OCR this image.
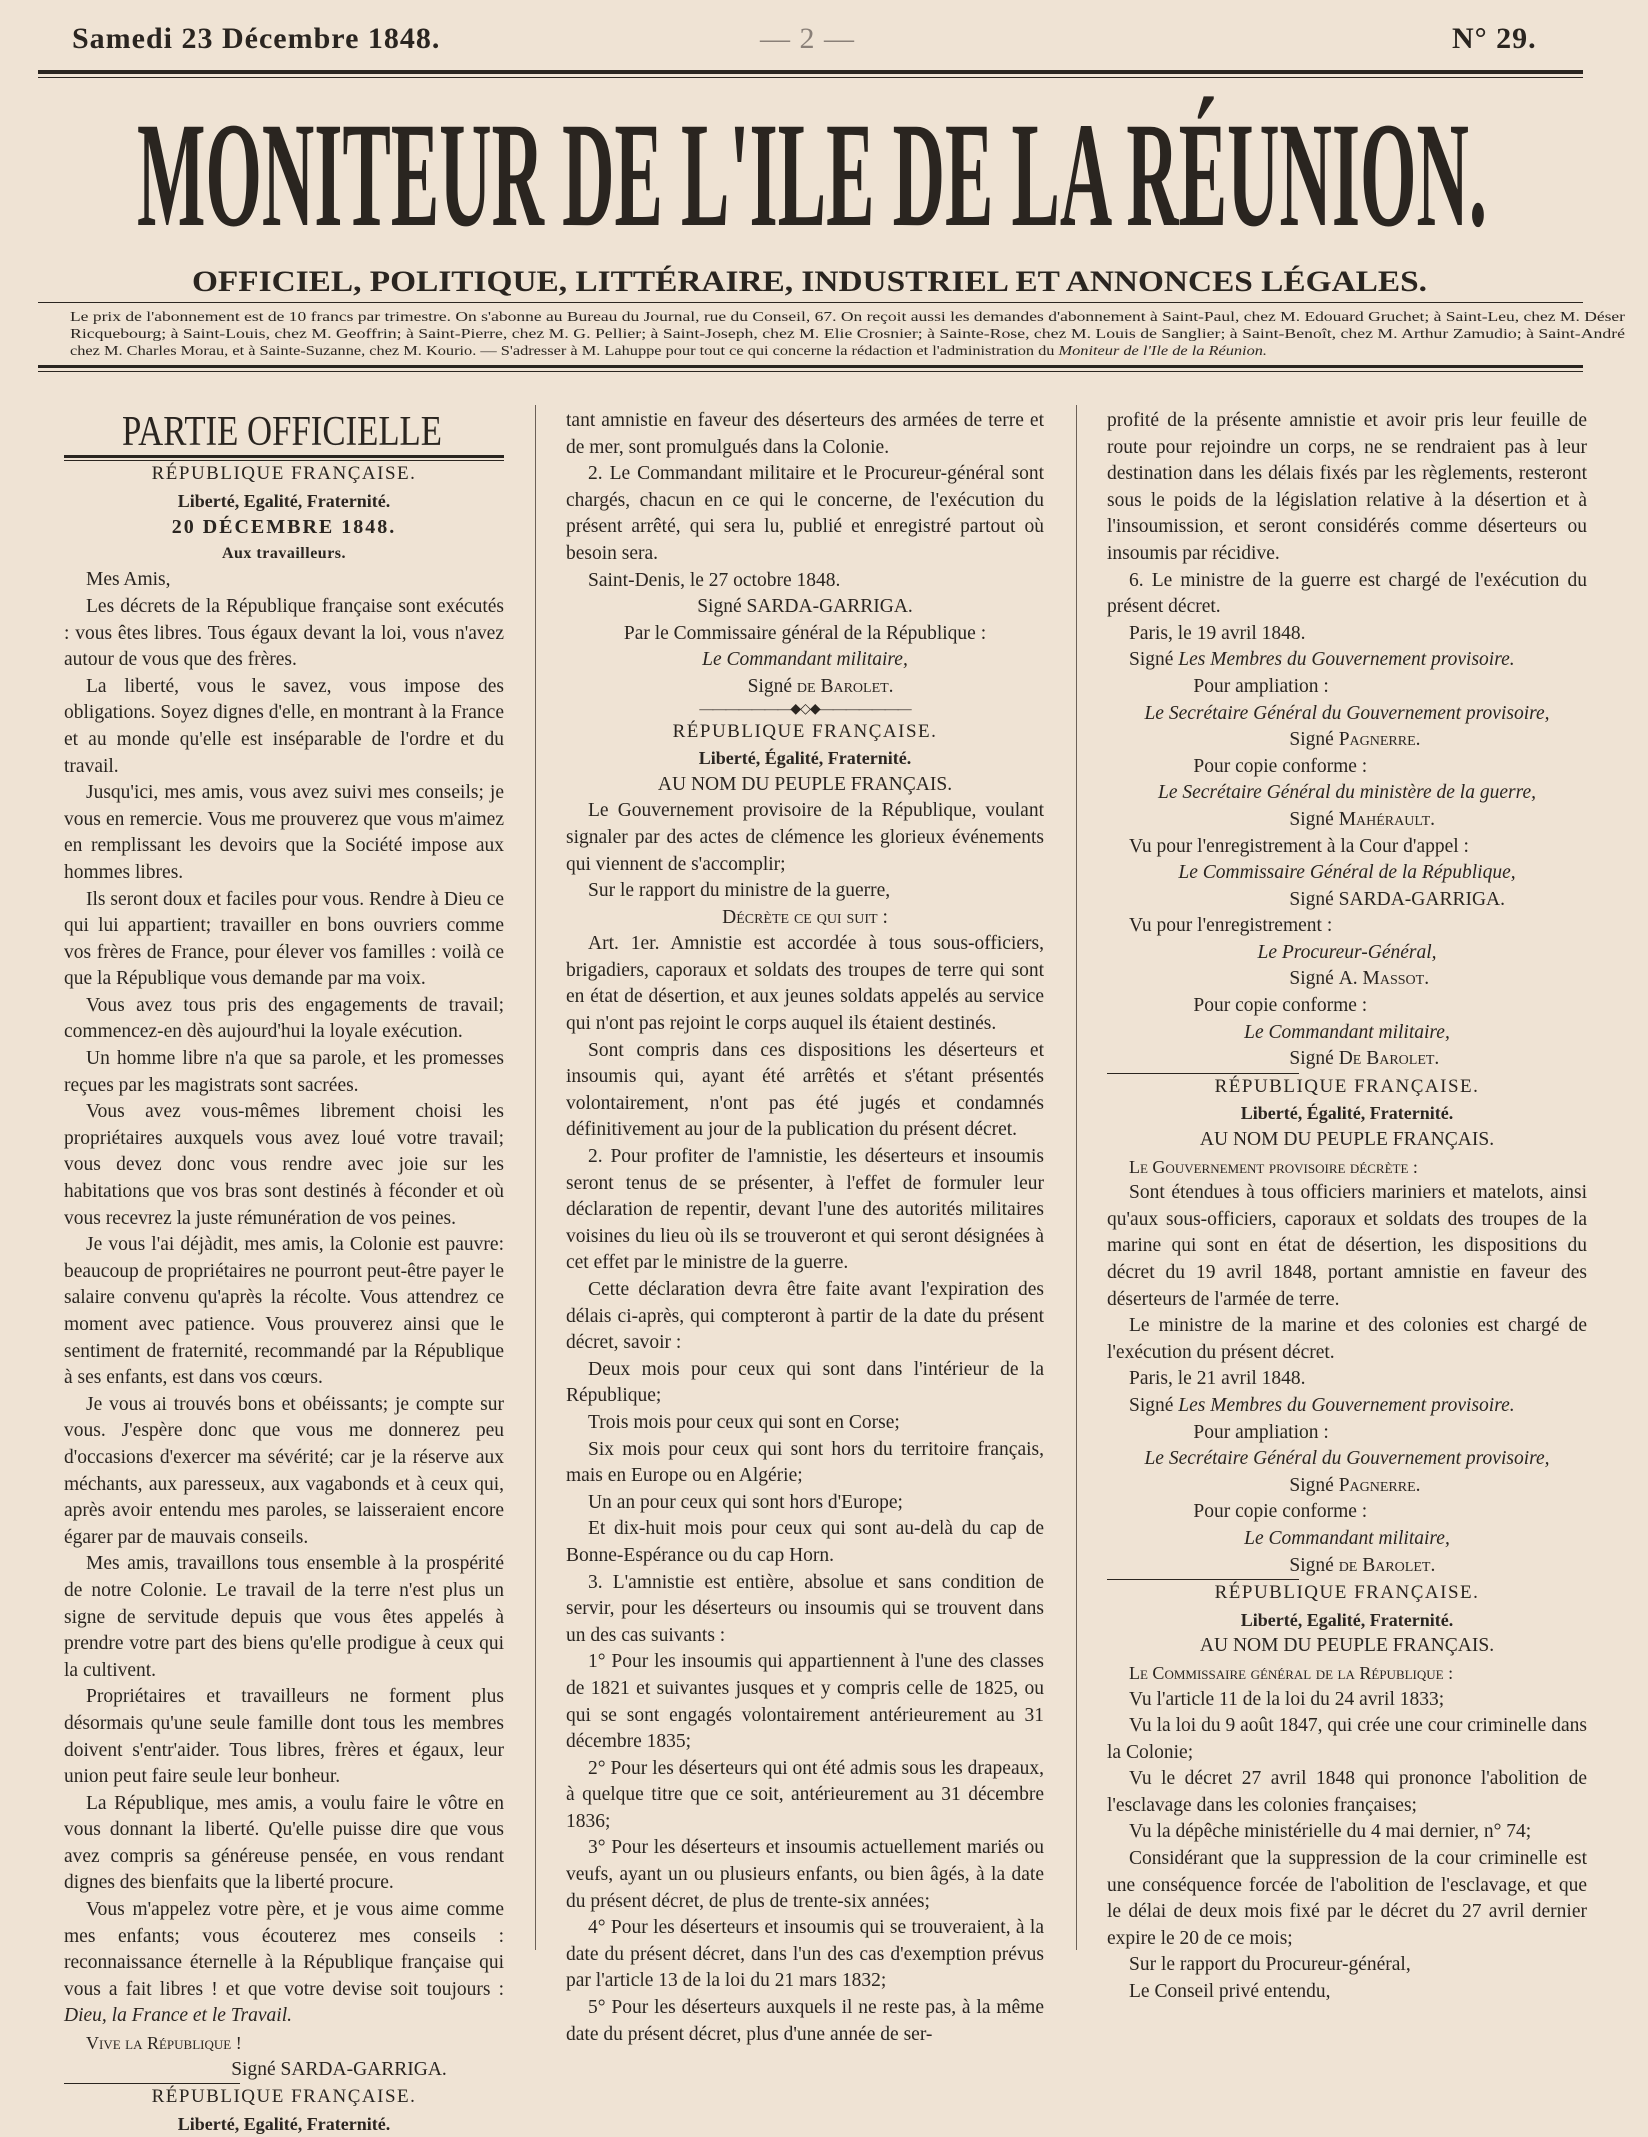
Samedi 23 Décembre 1848.	— 2 —	N° 29.
MONITEUR DE L'ILE DE LA RÉUNION.
OFFICIEL, POLITIQUE, LITTÉRAIRE, INDUSTRIEL ET ANNONCES LÉGALES.
Le prix de l'abonnement est de 10 francs par trimestre. On s'abonne au Bureau du Journal, rue du Conseil, 67. On reçoit aussi les demandes d'abonnement à Saint-Paul, chez M. Edouard Gruchet; à Saint-Leu, chez M. Déser
Ricquebourg; à Saint-Louis, chez M. Geoffrin; à Saint-Pierre, chez M. G. Pellier; à Saint-Joseph, chez M. Elie Crosnier; à Sainte-Rose, chez M. Louis de Sanglier; à Saint-Benoît, chez M. Arthur Zamudio; à Saint-André
chez M. Charles Morau, et à Sainte-Suzanne, chez M. Kourio. — S'adresser à M. Lahuppe pour tout ce qui concerne la rédaction et l'administration du	Moniteur de l'Ile de la Réunion.

PARTIE OFFICIELLE

RÉPUBLIQUE FRANÇAISE.

Liberté, Egalité, Fraternité.

20 DÉCEMBRE 1848.

Aux travailleurs.

Mes Amis,

Les décrets de la République française sont exécutés : vous êtes libres. Tous égaux devant la loi, vous n'avez autour de vous que des frères.

La liberté, vous le savez, vous impose des obligations. Soyez dignes d'elle, en montrant à la France et au monde qu'elle est inséparable de l'ordre et du travail.

Jusqu'ici, mes amis, vous avez suivi mes conseils; je vous en remercie. Vous me prouverez que vous m'aimez en remplissant les devoirs que la Société impose aux hommes libres.

Ils seront doux et faciles pour vous. Rendre à Dieu ce qui lui appartient; travailler en bons ouvriers comme vos frères de France, pour élever vos familles : voilà ce que la République vous demande par ma voix.

Vous avez tous pris des engagements de travail; commencez-en dès aujourd'hui la loyale exécution.

Un homme libre n'a que sa parole, et les promesses reçues par les magistrats sont sacrées.

Vous avez vous-mêmes librement choisi les propriétaires auxquels vous avez loué votre travail; vous devez donc vous rendre avec joie sur les habitations que vos bras sont destinés à féconder et où vous recevrez la juste rémunération de vos peines.

Je vous l'ai déjàdit, mes amis, la Colonie est pauvre: beaucoup de propriétaires ne pourront peut-être payer le salaire convenu qu'après la récolte. Vous attendrez ce moment avec patience. Vous prouverez ainsi que le sentiment de fraternité, recommandé par la République à ses enfants, est dans vos cœurs.

Je vous ai trouvés bons et obéissants; je compte sur vous. J'espère donc que vous me donnerez peu d'occasions d'exercer ma sévérité; car je la réserve aux méchants, aux paresseux, aux vagabonds et à ceux qui, après avoir entendu mes paroles, se laisseraient encore égarer par de mauvais conseils.

Mes amis, travaillons tous ensemble à la prospérité de notre Colonie. Le travail de la terre n'est plus un signe de servitude depuis que vous êtes appelés à prendre votre part des biens qu'elle prodigue à ceux qui la cultivent.

Propriétaires et travailleurs ne forment plus désormais qu'une seule famille dont tous les membres doivent s'entr'aider. Tous libres, frères et égaux, leur union peut faire seule leur bonheur.

La République, mes amis, a voulu faire le vôtre en vous donnant la liberté. Qu'elle puisse dire que vous avez compris sa généreuse pensée, en vous rendant dignes des bienfaits que la liberté procure.

Vous m'appelez votre père, et je vous aime comme mes enfants; vous écouterez mes conseils : reconnaissance éternelle à la République française qui vous a fait libres ! et que votre devise soit toujours : Dieu, la France et le Travail.

Vive la République !

Signé SARDA-GARRIGA.

RÉPUBLIQUE FRANÇAISE.

Liberté, Egalité, Fraternité.

tant amnistie en faveur des déserteurs des armées de terre et de mer, sont promulgués dans la Colonie.

2. Le Commandant militaire et le Procureur-général sont chargés, chacun en ce qui le concerne, de l'exécution du présent arrêté, qui sera lu, publié et enregistré partout où besoin sera.

Saint-Denis, le 27 octobre 1848.

Signé SARDA-GARRIGA.

Par le Commissaire général de la République :

Le Commandant militaire,

Signé de Barolet.

———————◆◇◆———————

RÉPUBLIQUE FRANÇAISE.

Liberté, Égalité, Fraternité.

AU NOM DU PEUPLE FRANÇAIS.

Le Gouvernement provisoire de la République, voulant signaler par des actes de clémence les glorieux événements qui viennent de s'accomplir;

Sur le rapport du ministre de la guerre,

Décrète ce qui suit :

Art. 1er. Amnistie est accordée à tous sous-officiers, brigadiers, caporaux et soldats des troupes de terre qui sont en état de désertion, et aux jeunes soldats appelés au service qui n'ont pas rejoint le corps auquel ils étaient destinés.

Sont compris dans ces dispositions les déserteurs et insoumis qui, ayant été arrêtés et s'étant présentés volontairement, n'ont pas été jugés et condamnés définitivement au jour de la publication du présent décret.

2. Pour profiter de l'amnistie, les déserteurs et insoumis seront tenus de se présenter, à l'effet de formuler leur déclaration de repentir, devant l'une des autorités militaires voisines du lieu où ils se trouveront et qui seront désignées à cet effet par le ministre de la guerre.

Cette déclaration devra être faite avant l'expiration des délais ci-après, qui compteront à partir de la date du présent décret, savoir :

Deux mois pour ceux qui sont dans l'intérieur de la République;

Trois mois pour ceux qui sont en Corse;

Six mois pour ceux qui sont hors du territoire français, mais en Europe ou en Algérie;

Un an pour ceux qui sont hors d'Europe;

Et dix-huit mois pour ceux qui sont au-delà du cap de Bonne-Espérance ou du cap Horn.

3. L'amnistie est entière, absolue et sans condition de servir, pour les déserteurs ou insoumis qui se trouvent dans un des cas suivants :

1° Pour les insoumis qui appartiennent à l'une des classes de 1821 et suivantes jusques et y compris celle de 1825, ou qui se sont engagés volontairement antérieurement au 31 décembre 1835;

2° Pour les déserteurs qui ont été admis sous les drapeaux, à quelque titre que ce soit, antérieurement au 31 décembre 1836;

3° Pour les déserteurs et insoumis actuellement mariés ou veufs, ayant un ou plusieurs enfants, ou bien âgés, à la date du présent décret, de plus de trente-six années;

4° Pour les déserteurs et insoumis qui se trouveraient, à la date du présent décret, dans l'un des cas d'exemption prévus par l'article 13 de la loi du 21 mars 1832;

5° Pour les déserteurs auxquels il ne reste pas, à la même date du présent décret, plus d'une année de ser-

profité de la présente amnistie et avoir pris leur feuille de route pour rejoindre un corps, ne se rendraient pas à leur destination dans les délais fixés par les règlements, resteront sous le poids de la législation relative à la désertion et à l'insoumission, et seront considérés comme déserteurs ou insoumis par récidive.

6. Le ministre de la guerre est chargé de l'exécution du présent décret.

Paris, le 19 avril 1848.

Signé Les Membres du Gouvernement provisoire.

Pour ampliation :

Le Secrétaire Général du Gouvernement provisoire,

Signé Pagnerre.

Pour copie conforme :

Le Secrétaire Général du ministère de la guerre,

Signé Mahérault.

Vu pour l'enregistrement à la Cour d'appel :

Le Commissaire Général de la République,

Signé SARDA-GARRIGA.

Vu pour l'enregistrement :

Le Procureur-Général,

Signé A. Massot.

Pour copie conforme :

Le Commandant militaire,

Signé De Barolet.

RÉPUBLIQUE FRANÇAISE.

Liberté, Égalité, Fraternité.

AU NOM DU PEUPLE FRANÇAIS.

Le Gouvernement provisoire décrète :

Sont étendues à tous officiers mariniers et matelots, ainsi qu'aux sous-officiers, caporaux et soldats des troupes de la marine qui sont en état de désertion, les dispositions du décret du 19 avril 1848, portant amnistie en faveur des déserteurs de l'armée de terre.

Le ministre de la marine et des colonies est chargé de l'exécution du présent décret.

Paris, le 21 avril 1848.

Signé Les Membres du Gouvernement provisoire.

Pour ampliation :

Le Secrétaire Général du Gouvernement provisoire,

Signé Pagnerre.

Pour copie conforme :

Le Commandant militaire,

Signé de Barolet.

RÉPUBLIQUE FRANÇAISE.

Liberté, Egalité, Fraternité.

AU NOM DU PEUPLE FRANÇAIS.

Le Commissaire général de la République :

Vu l'article 11 de la loi du 24 avril 1833;

Vu la loi du 9 août 1847, qui crée une cour criminelle dans la Colonie;

Vu le décret 27 avril 1848 qui prononce l'abolition de l'esclavage dans les colonies françaises;

Vu la dépêche ministérielle du 4 mai dernier, n° 74;

Considérant que la suppression de la cour criminelle est une conséquence forcée de l'abolition de l'esclavage, et que le délai de deux mois fixé par le décret du 27 avril dernier expire le 20 de ce mois;

Sur le rapport du Procureur-général,

Le Conseil privé entendu,
